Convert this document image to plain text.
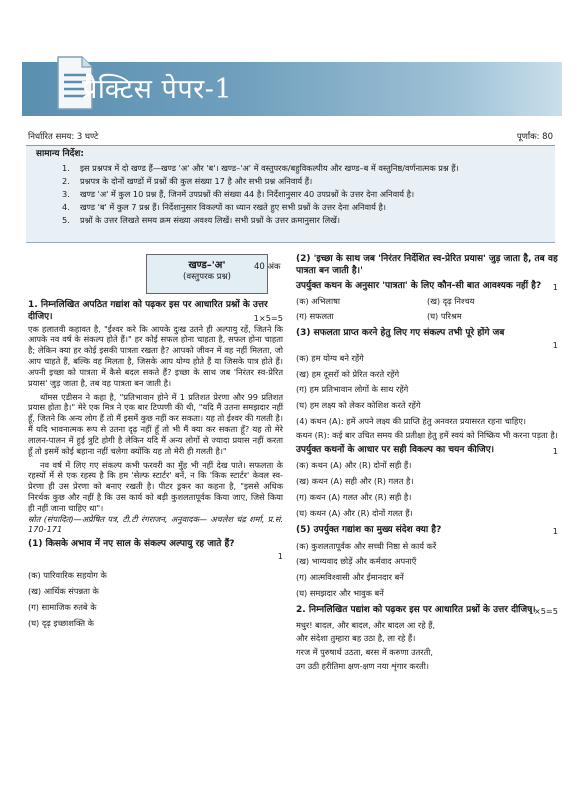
प्रैक्टिस पेपर-1
निर्धारित समय: 3 घण्टे	पूर्णांक: 80
सामान्य निर्देश:
1. इस प्रश्नपत्र में दो खण्ड हैं—खण्ड 'अ' और 'ब'। खण्ड–'अ' में वस्तुपरक/बहुविकल्पीय और खण्ड–ब में वस्तुनिष्ठ/वर्णनात्मक प्रश्न हैं।
2. प्रश्नपत्र के दोनों खण्डों में प्रश्नों की कुल संख्या 17 है और सभी प्रश्न अनिवार्य हैं।
3. खण्ड 'अ' में कुल 10 प्रश्न हैं, जिनमें उपप्रश्नों की संख्या 44 है। निर्देशानुसार 40 उपप्रश्नों के उत्तर देना अनिवार्य है।
4. खण्ड 'ब' में कुल 7 प्रश्न हैं। निर्देशानुसार विकल्पों का ध्यान रखते हुए सभी प्रश्नों के उत्तर देना अनिवार्य है।
5. प्रश्नों के उत्तर लिखते समय क्रम संख्या अवश्य लिखें। सभी प्रश्नों के उत्तर क्रमानुसार लिखें।
खण्ड–'अ'
(वस्तुपरक प्रश्न)
40 अंक
1. निम्नलिखित अपठित गद्यांश को पढ़कर इस पर आधारित प्रश्नों के उत्तर दीजिए।	1×5=5

एक हलातवी कहावत है, "ईश्वर करे कि आपके दुःख उतने ही अल्पायु रहें, जितने कि आपके नव वर्ष के संकल्प होते हैं।" हर कोई सफल होना चाहता है, सफल होना चाहता है; लेकिन क्या हर कोई इसकी पात्रता रखता है? आपको जीवन में वह नहीं मिलता, जो आप चाहते हैं, बल्कि वह मिलता है, जिसके आप योग्य होते हैं या जिसके पात्र होते हैं। अपनी इच्छा को पात्रता में कैसे बदल सकते हैं? इच्छा के साथ जब 'निरंतर स्व-प्रेरित प्रयास' जुड़ जाता है, तब वह पात्रता बन जाती है।

थॉमस एडीसन ने कहा है, "प्रतिभावान होने में 1 प्रतिशत प्रेरणा और 99 प्रतिशत प्रयास होता है।" मेरे एक मित्र ने एक बार टिप्पणी की थी, "यदि मैं उतना समझदार नहीं हूँ, जितने कि अन्य लोग हैं तो मैं इसमें कुछ नहीं कर सकता। यह तो ईश्वर की गलती है। मैं यदि भावनात्मक रूप से उतना दृढ़ नहीं हूँ तो भी मैं क्या कर सकता हूँ? यह तो मेरे लालन-पालन में हुई त्रुटि होगी है लेकिन यदि मैं अन्य लोगों से ज्यादा प्रयास नहीं करता हूँ तो इसमें कोई बहाना नहीं चलेगा क्योंकि यह तो मेरी ही गलती है।"

नव वर्ष में लिए गए संकल्प कभी फरवरी का मुँह भी नहीं देख पाते। सफलता के रहस्यों में से एक रहस्य है कि हम 'सेल्फ स्टार्टर' बनें, न कि 'किक स्टार्टर' केवल स्व-प्रेरणा ही उस प्रेरणा को बनाए रखती है। पीटर ड्रकर का कहना है, "इससे अधिक निरर्थक कुछ और नहीं है कि उस कार्य को बड़ी कुशलतापूर्वक किया जाए, जिसे किया ही नहीं जाना चाहिए था"।

स्रोत (संपादित)—अप्रेषित पत्र, टी.टी रंगराजन, अनुवादक— अचलेश चंद्र शर्मा, प्र.सं. 170-171

(1) किसके अभाव में नए साल के संकल्प अल्पायु रह जाते हैं?
1
(क) पारिवारिक सहयोग के
(ख) आर्थिक संपन्नता के
(ग) सामाजिक रुतबे के
(घ) दृढ़ इच्छाशक्ति के
(2) 'इच्छा के साथ जब 'निरंतर निर्देशित स्व-प्रेरित प्रयास' जुड़ जाता है, तब वह पात्रता बन जाती है।'
उपर्युक्त कथन के अनुसार 'पात्रता' के लिए कौन-सी बात आवश्यक नहीं है?	1
(क) अभिलाषा	(ख) दृढ़ निश्चय
(ग) सफलता	(घ) परिश्रम
(3) सफलता प्राप्त करने हेतु लिए गए संकल्प तभी पूरे होंगे जब
1
(क) हम योग्य बने रहेंगे
(ख) हम दूसरों को प्रेरित करते रहेंगे
(ग) हम प्रतिभावान लोगों के साथ रहेंगे
(घ) हम लक्ष्य को लेकर कोशिश करते रहेंगे

(4) कथन (A): हमें अपने लक्ष्य की प्राप्ति हेतु अनवरत प्रयासरत रहना चाहिए।

कथन (R): कई बार उचित समय की प्रतीक्षा हेतु हमें स्वयं को निष्क्रिय भी करना पड़ता है।

उपर्युक्त कथनों के आधार पर सही विकल्प का चयन कीजिए।	1
(क) कथन (A) और (R) दोनों सही हैं।
(ख) कथन (A) सही और (R) गलत है।
(ग) कथन (A) गलत और (R) सही है।
(घ) कथन (A) और (R) दोनों गलत हैं।
(5) उपर्युक्त गद्यांश का मुख्य संदेश क्या है?	1
(क) कुशलतापूर्वक और सच्ची निष्ठा से कार्य करें
(ख) भाग्यवाद छोड़ें और कर्मवाद अपनाएँ
(ग) आत्मविश्वासी और ईमानदार बनें
(घ) समझदार और भावुक बनें
2. निम्नलिखित पद्यांश को पढ़कर इस पर आधारित प्रश्नों के उत्तर दीजिए।
1×5=5
मधुर! बादल, और बादल, और बादल आ रहे हैं,
और संदेशा तुम्हारा बह उठा है, ला रहे हैं।
गरज में पुरुषार्थ उठता, बरस में करुणा उतरती,
उग उठी हरीतिमा क्षण-क्षण नया शृंगार करती।
